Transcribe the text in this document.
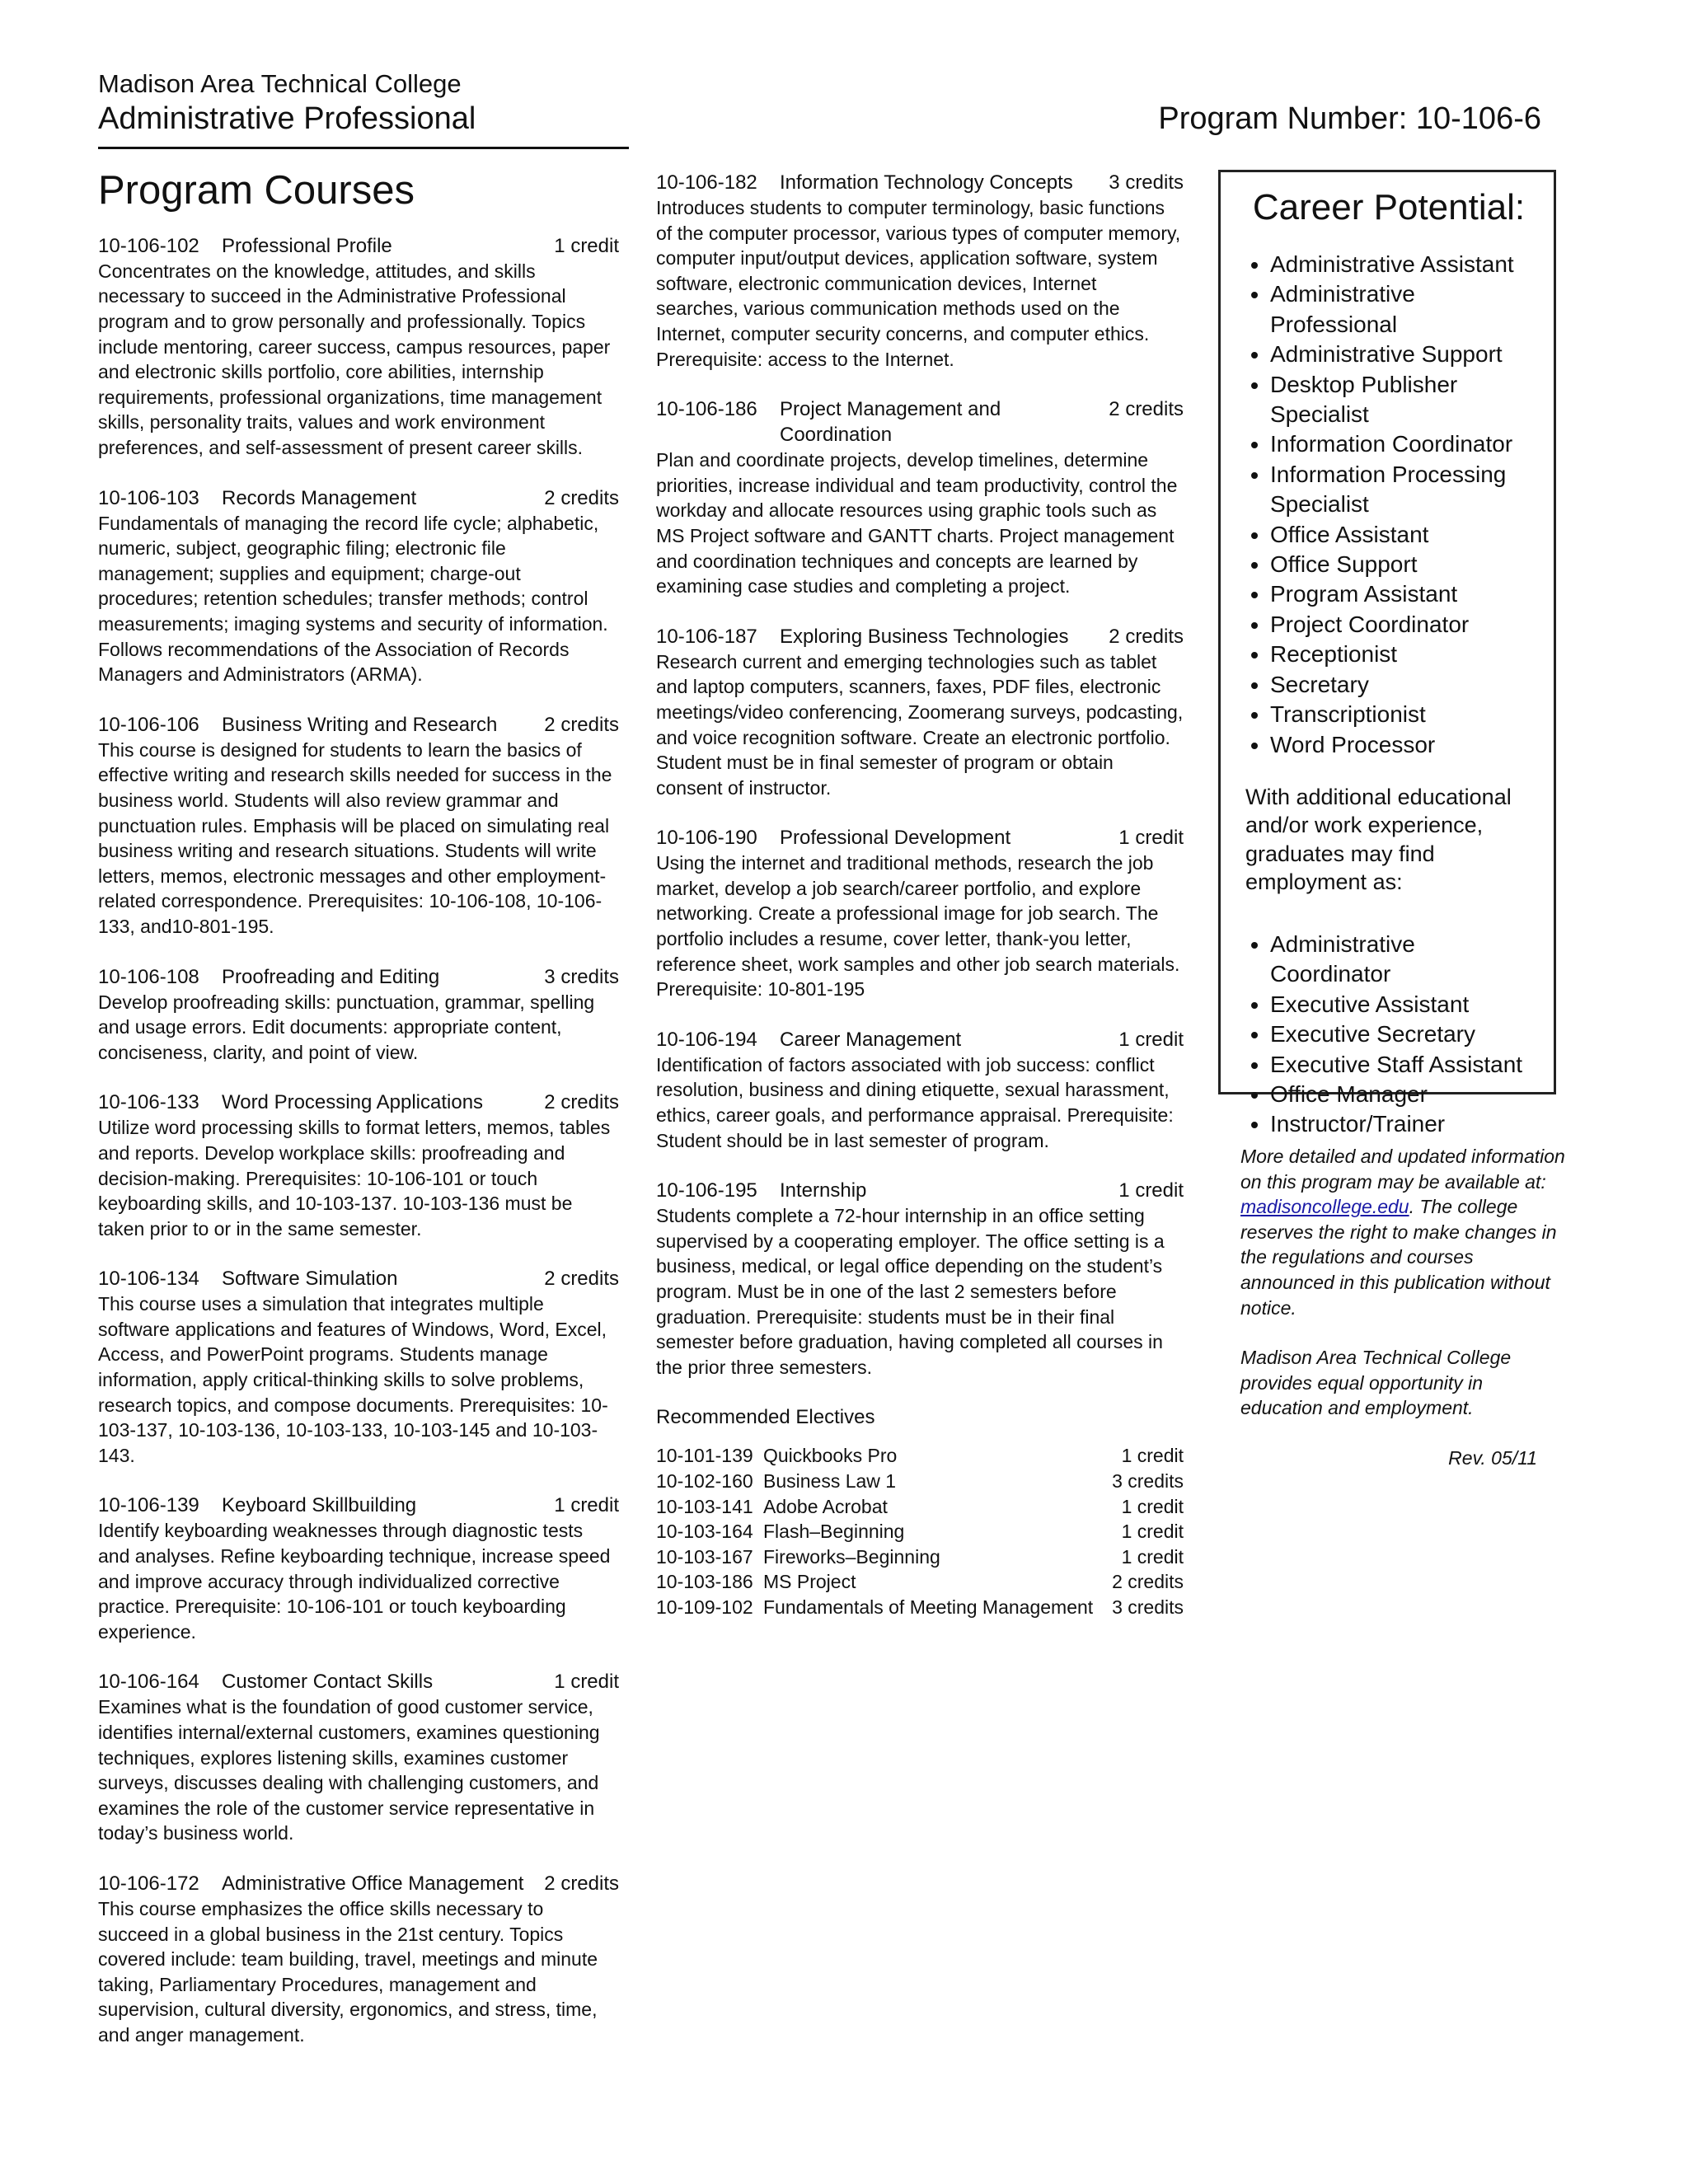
Madison Area Technical College
Administrative Professional	Program Number: 10-106-6
Program Courses
10-106-102	Professional Profile	1 credit

Concentrates on the knowledge, attitudes, and skills necessary to succeed in the Administrative Professional program and to grow personally and professionally. Topics include mentoring, career success, campus resources, paper and electronic skills portfolio, core abilities, internship requirements, professional organizations, time management skills, personality traits, values and work environment preferences, and self-assessment of present career skills.

10-106-103	Records Management	2 credits

Fundamentals of managing the record life cycle; alphabetic, numeric, subject, geographic filing; electronic file management; supplies and equipment; charge-out procedures; retention schedules; transfer methods; control measurements; imaging systems and security of information. Follows recommendations of the Association of Records Managers and Administrators (ARMA).

10-106-106	Business Writing and Research	2 credits

This course is designed for students to learn the basics of effective writing and research skills needed for success in the business world. Students will also review grammar and punctuation rules. Emphasis will be placed on simulating real business writing and research situations. Students will write letters, memos, electronic messages and other employment-related correspondence. Prerequisites: 10-106-108, 10-106-133, and10-801-195.

10-106-108	Proofreading and Editing	3 credits

Develop proofreading skills: punctuation, grammar, spelling and usage errors. Edit documents: appropriate content, conciseness, clarity, and point of view.

10-106-133	Word Processing Applications	2 credits

Utilize word processing skills to format letters, memos, tables and reports. Develop workplace skills: proofreading and decision-making. Prerequisites: 10-106-101 or touch keyboarding skills, and 10-103-137. 10-103-136 must be taken prior to or in the same semester.

10-106-134	Software Simulation	2 credits

This course uses a simulation that integrates multiple software applications and features of Windows, Word, Excel, Access, and PowerPoint programs. Students manage information, apply critical-thinking skills to solve problems, research topics, and compose documents. Prerequisites: 10-103-137, 10-103-136, 10-103-133, 10-103-145 and 10-103-143.

10-106-139	Keyboard Skillbuilding	1 credit

Identify keyboarding weaknesses through diagnostic tests and analyses. Refine keyboarding technique, increase speed and improve accuracy through individualized corrective practice. Prerequisite: 10-106-101 or touch keyboarding experience.

10-106-164	Customer Contact Skills	1 credit

Examines what is the foundation of good customer service, identifies internal/external customers, examines questioning techniques, explores listening skills, examines customer surveys, discusses dealing with challenging customers, and examines the role of the customer service representative in today’s business world.

10-106-172	Administrative Office Management	2 credits

This course emphasizes the office skills necessary to succeed in a global business in the 21st century. Topics covered include: team building, travel, meetings and minute taking, Parliamentary Procedures, management and supervision, cultural diversity, ergonomics, and stress, time, and anger management.

10-106-182	Information Technology Concepts	3 credits

Introduces students to computer terminology, basic functions of the computer processor, various types of computer memory, computer input/output devices, application software, system software, electronic communication devices, Internet searches, various communication methods used on the Internet, computer security concerns, and computer ethics. Prerequisite: access to the Internet.

10-106-186	Project Management and Coordination
2 credits

Plan and coordinate projects, develop timelines, determine priorities, increase individual and team productivity, control the workday and allocate resources using graphic tools such as MS Project software and GANTT charts. Project management and coordination techniques and concepts are learned by examining case studies and completing a project.

10-106-187	Exploring Business Technologies	2 credits

Research current and emerging technologies such as tablet and laptop computers, scanners, faxes, PDF files, electronic meetings/video conferencing, Zoomerang surveys, podcasting, and voice recognition software. Create an electronic portfolio. Student must be in final semester of program or obtain consent of instructor.

10-106-190	Professional Development	1 credit

Using the internet and traditional methods, research the job market, develop a job search/career portfolio, and explore networking. Create a professional image for job search. The portfolio includes a resume, cover letter, thank-you letter, reference sheet, work samples and other job search materials. Prerequisite: 10-801-195

10-106-194	Career Management	1 credit

Identification of factors associated with job success: conflict resolution, business and dining etiquette, sexual harassment, ethics, career goals, and performance appraisal. Prerequisite: Student should be in last semester of program.

10-106-195	Internship	1 credit

Students complete a 72-hour internship in an office setting supervised by a cooperating employer. The office setting is a business, medical, or legal office depending on the student’s program. Must be in one of the last 2 semesters before graduation. Prerequisite: students must be in their final semester before graduation, having completed all courses in the prior three semesters.

Recommended Electives
10-101-139 Quickbooks Pro	1 credit
10-102-160 Business Law 1	3 credits
10-103-141 Adobe Acrobat	1 credit
10-103-164 Flash–Beginning	1 credit
10-103-167 Fireworks–Beginning	1 credit
10-103-186 MS Project	2 credits
10-109-102 Fundamentals of Meeting Management 3 credits
Career Potential:
• Administrative Assistant
• Administrative Professional
• Administrative Support
• Desktop Publisher Specialist
• Information Coordinator
• Information Processing Specialist
• Office Assistant
• Office Support
• Program Assistant
• Project Coordinator
• Receptionist
• Secretary
• Transcriptionist
• Word Processor
With additional educational and/or work experience, graduates may find employment as:
• Administrative Coordinator
• Executive Assistant
• Executive Secretary
• Executive Staff Assistant
• Office Manager
• Instructor/Trainer

More detailed and updated information on this program may be available at: madisoncollege.edu. The college reserves the right to make changes in the regulations and courses announced in this publication without notice.

Madison Area Technical College provides equal opportunity in education and employment.

Rev. 05/11
